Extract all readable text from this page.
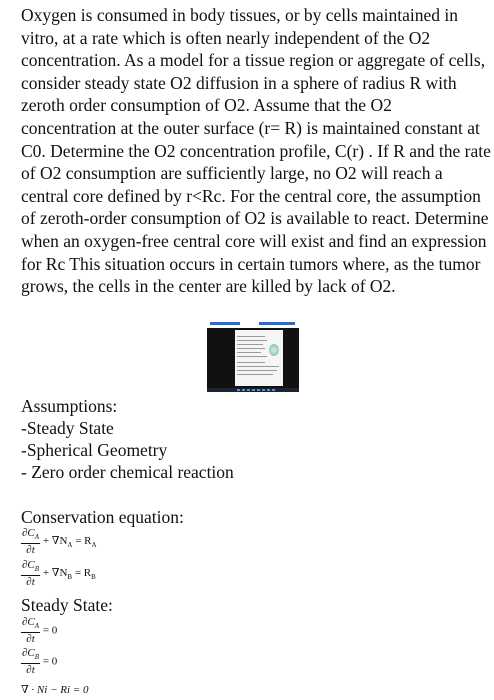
Oxygen is consumed in body tissues, or by cells maintained in vitro, at a rate which is often nearly independent of the O2 concentration. As a model for a tissue region or aggregate of cells, consider steady state O2 diffusion in a sphere of radius R with zeroth order consumption of O2. Assume that the O2 concentration at the outer surface (r= R) is maintained constant at C0. Determine the O2 concentration profile, C(r) . If R and the rate of O2 consumption are sufficiently large, no O2 will reach a central core defined by r<Rc. For the central core, the assumption of zeroth-order consumption of O2 is available to react. Determine when an oxygen-free central core will exist and find an expression for Rc This situation occurs in certain tumors where, as the tumor grows, the cells in the center are killed by lack of O2.

Assumptions:
-Steady State
-Spherical Geometry
- Zero order chemical reaction
Conservation equation:
$\frac{\partial C_A}{\partial t} + \nabla N_A = R_A$
$\frac{\partial C_B}{\partial t} + \nabla N_B = R_B$
Steady State:
$\frac{\partial C_A}{\partial t} = 0$
$\frac{\partial C_B}{\partial t} = 0$
∇ · Ni − Ri = 0
